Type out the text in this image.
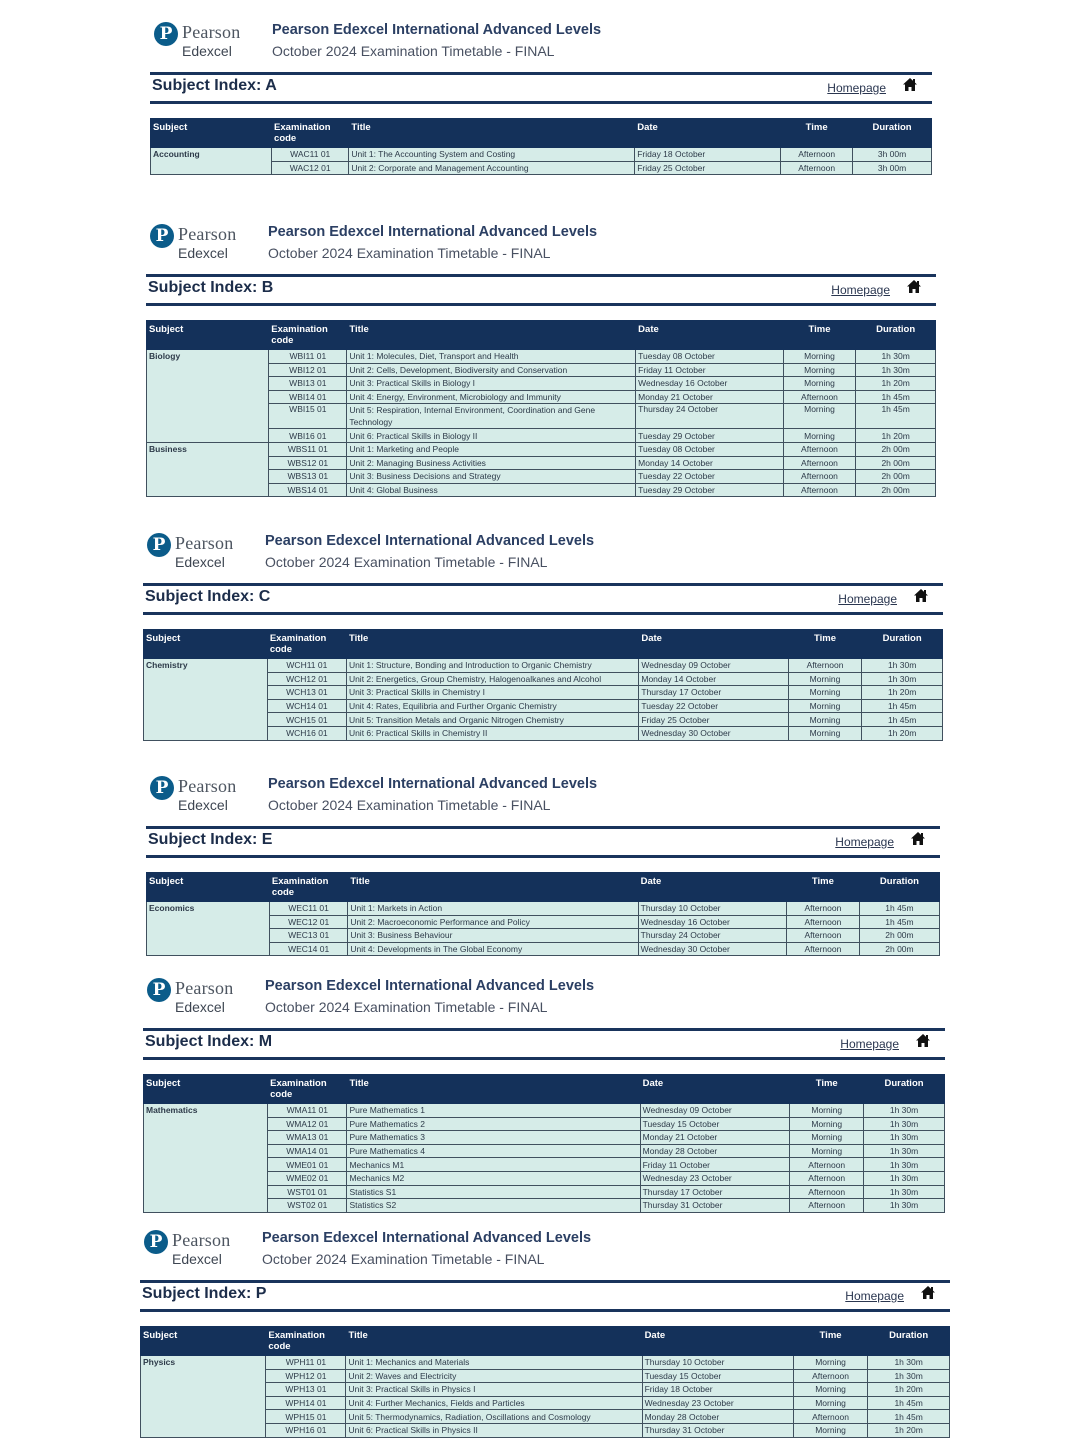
P Pearson
Edexcel
Pearson Edexcel International Advanced Levels
October 2024 Examination Timetable - FINAL
Subject Index: A	Homepage
Subject	Examination code	Title	Date	Time	Duration
Accounting	WAC11 01	Unit 1: The Accounting System and Costing	Friday 18 October	Afternoon	3h 00m
	WAC12 01	Unit 2: Corporate and Management Accounting	Friday 25 October	Afternoon	3h 00m
P Pearson
Edexcel
Pearson Edexcel International Advanced Levels
October 2024 Examination Timetable - FINAL
Subject Index: B	Homepage
Subject	Examination code	Title	Date	Time	Duration
Biology	WBI11 01	Unit 1: Molecules, Diet, Transport and Health	Tuesday 08 October	Morning	1h 30m
	WBI12 01	Unit 2: Cells, Development, Biodiversity and Conservation	Friday 11 October	Morning	1h 30m
	WBI13 01	Unit 3: Practical Skills in Biology I	Wednesday 16 October	Morning	1h 20m
	WBI14 01	Unit 4: Energy, Environment, Microbiology and Immunity	Monday 21 October	Afternoon	1h 45m
	WBI15 01	Unit 5: Respiration, Internal Environment, Coordination and Gene Technology	Thursday 24 October	Morning	1h 45m
	WBI16 01	Unit 6: Practical Skills in Biology II	Tuesday 29 October	Morning	1h 20m
Business	WBS11 01	Unit 1: Marketing and People	Tuesday 08 October	Afternoon	2h 00m
	WBS12 01	Unit 2: Managing Business Activities	Monday 14 October	Afternoon	2h 00m
	WBS13 01	Unit 3: Business Decisions and Strategy	Tuesday 22 October	Afternoon	2h 00m
	WBS14 01	Unit 4: Global Business	Tuesday 29 October	Afternoon	2h 00m
P Pearson
Edexcel
Pearson Edexcel International Advanced Levels
October 2024 Examination Timetable - FINAL
Subject Index: C	Homepage
Subject	Examination code	Title	Date	Time	Duration
Chemistry	WCH11 01	Unit 1: Structure, Bonding and Introduction to Organic Chemistry	Wednesday 09 October	Afternoon	1h 30m
	WCH12 01	Unit 2: Energetics, Group Chemistry, Halogenoalkanes and Alcohol	Monday 14 October	Morning	1h 30m
	WCH13 01	Unit 3: Practical Skills in Chemistry I	Thursday 17 October	Morning	1h 20m
	WCH14 01	Unit 4: Rates, Equilibria and Further Organic Chemistry	Tuesday 22 October	Morning	1h 45m
	WCH15 01	Unit 5: Transition Metals and Organic Nitrogen Chemistry	Friday 25 October	Morning	1h 45m
	WCH16 01	Unit 6: Practical Skills in Chemistry II	Wednesday 30 October	Morning	1h 20m
P Pearson
Edexcel
Pearson Edexcel International Advanced Levels
October 2024 Examination Timetable - FINAL
Subject Index: E	Homepage
Subject	Examination code	Title	Date	Time	Duration
Economics	WEC11 01	Unit 1: Markets in Action	Thursday 10 October	Afternoon	1h 45m
	WEC12 01	Unit 2: Macroeconomic Performance and Policy	Wednesday 16 October	Afternoon	1h 45m
	WEC13 01	Unit 3: Business Behaviour	Thursday 24 October	Afternoon	2h 00m
	WEC14 01	Unit 4: Developments in The Global Economy	Wednesday 30 October	Afternoon	2h 00m
P Pearson
Edexcel
Pearson Edexcel International Advanced Levels
October 2024 Examination Timetable - FINAL
Subject Index: M	Homepage
Subject	Examination code	Title	Date	Time	Duration
Mathematics	WMA11 01	Pure Mathematics 1	Wednesday 09 October	Morning	1h 30m
	WMA12 01	Pure Mathematics 2	Tuesday 15 October	Morning	1h 30m
	WMA13 01	Pure Mathematics 3	Monday 21 October	Morning	1h 30m
	WMA14 01	Pure Mathematics 4	Monday 28 October	Morning	1h 30m
	WME01 01	Mechanics M1	Friday 11 October	Afternoon	1h 30m
	WME02 01	Mechanics M2	Wednesday 23 October	Afternoon	1h 30m
	WST01 01	Statistics S1	Thursday 17 October	Afternoon	1h 30m
	WST02 01	Statistics S2	Thursday 31 October	Afternoon	1h 30m
P Pearson
Edexcel
Pearson Edexcel International Advanced Levels
October 2024 Examination Timetable - FINAL
Subject Index: P	Homepage
Subject	Examination code	Title	Date	Time	Duration
Physics	WPH11 01	Unit 1: Mechanics and Materials	Thursday 10 October	Morning	1h 30m
	WPH12 01	Unit 2: Waves and Electricity	Tuesday 15 October	Afternoon	1h 30m
	WPH13 01	Unit 3: Practical Skills in Physics I	Friday 18 October	Morning	1h 20m
	WPH14 01	Unit 4: Further Mechanics, Fields and Particles	Wednesday 23 October	Morning	1h 45m
	WPH15 01	Unit 5: Thermodynamics, Radiation, Oscillations and Cosmology	Monday 28 October	Afternoon	1h 45m
	WPH16 01	Unit 6: Practical Skills in Physics II	Thursday 31 October	Morning	1h 20m
